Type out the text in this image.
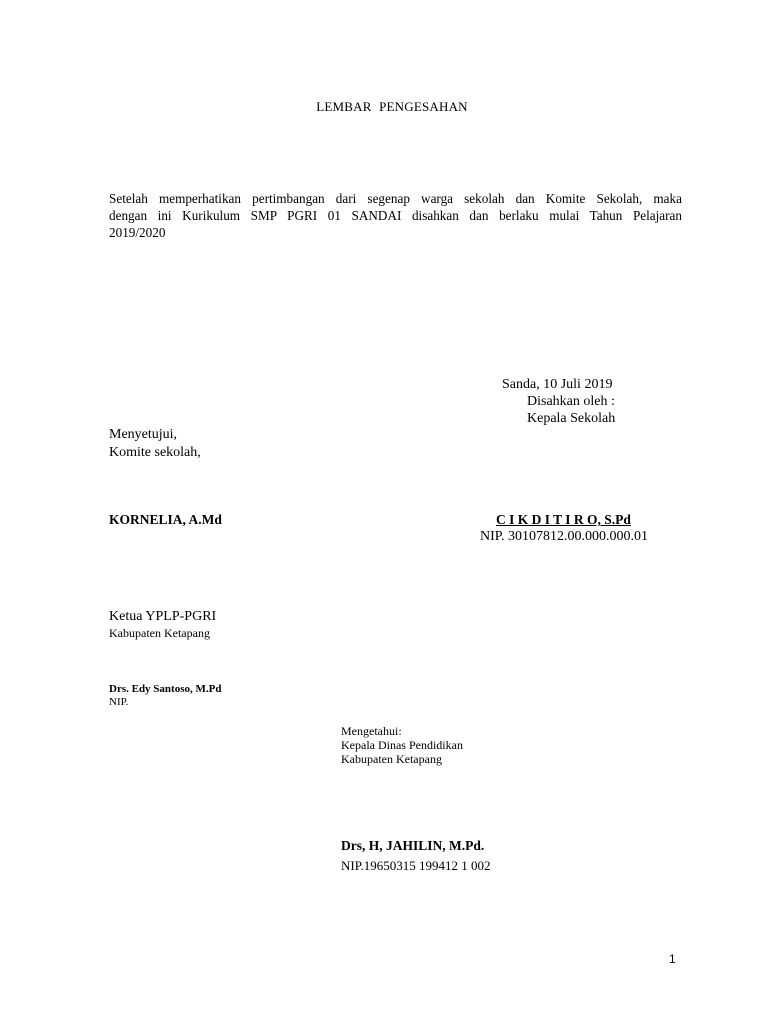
LEMBAR PENGESAHAN
Setelah memperhatikan pertimbangan dari segenap warga sekolah dan Komite Sekolah, maka
dengan ini Kurikulum SMP PGRI 01 SANDAI disahkan dan berlaku mulai Tahun Pelajaran
2019/2020
Sanda, 10 Juli 2019
Disahkan oleh :
Kepala Sekolah
Menyetujui,
Komite sekolah,
KORNELIA, A.Md	C I K D I T I R O, S.Pd
NIP. 30107812.00.000.000.01
Ketua YPLP-PGRI
Kabupaten Ketapang
Drs. Edy Santoso, M.Pd
NIP.
Mengetahui:
Kepala Dinas Pendidikan
Kabupaten Ketapang
Drs, H, JAHILIN, M.Pd.
NIP.19650315 199412 1 002
1
